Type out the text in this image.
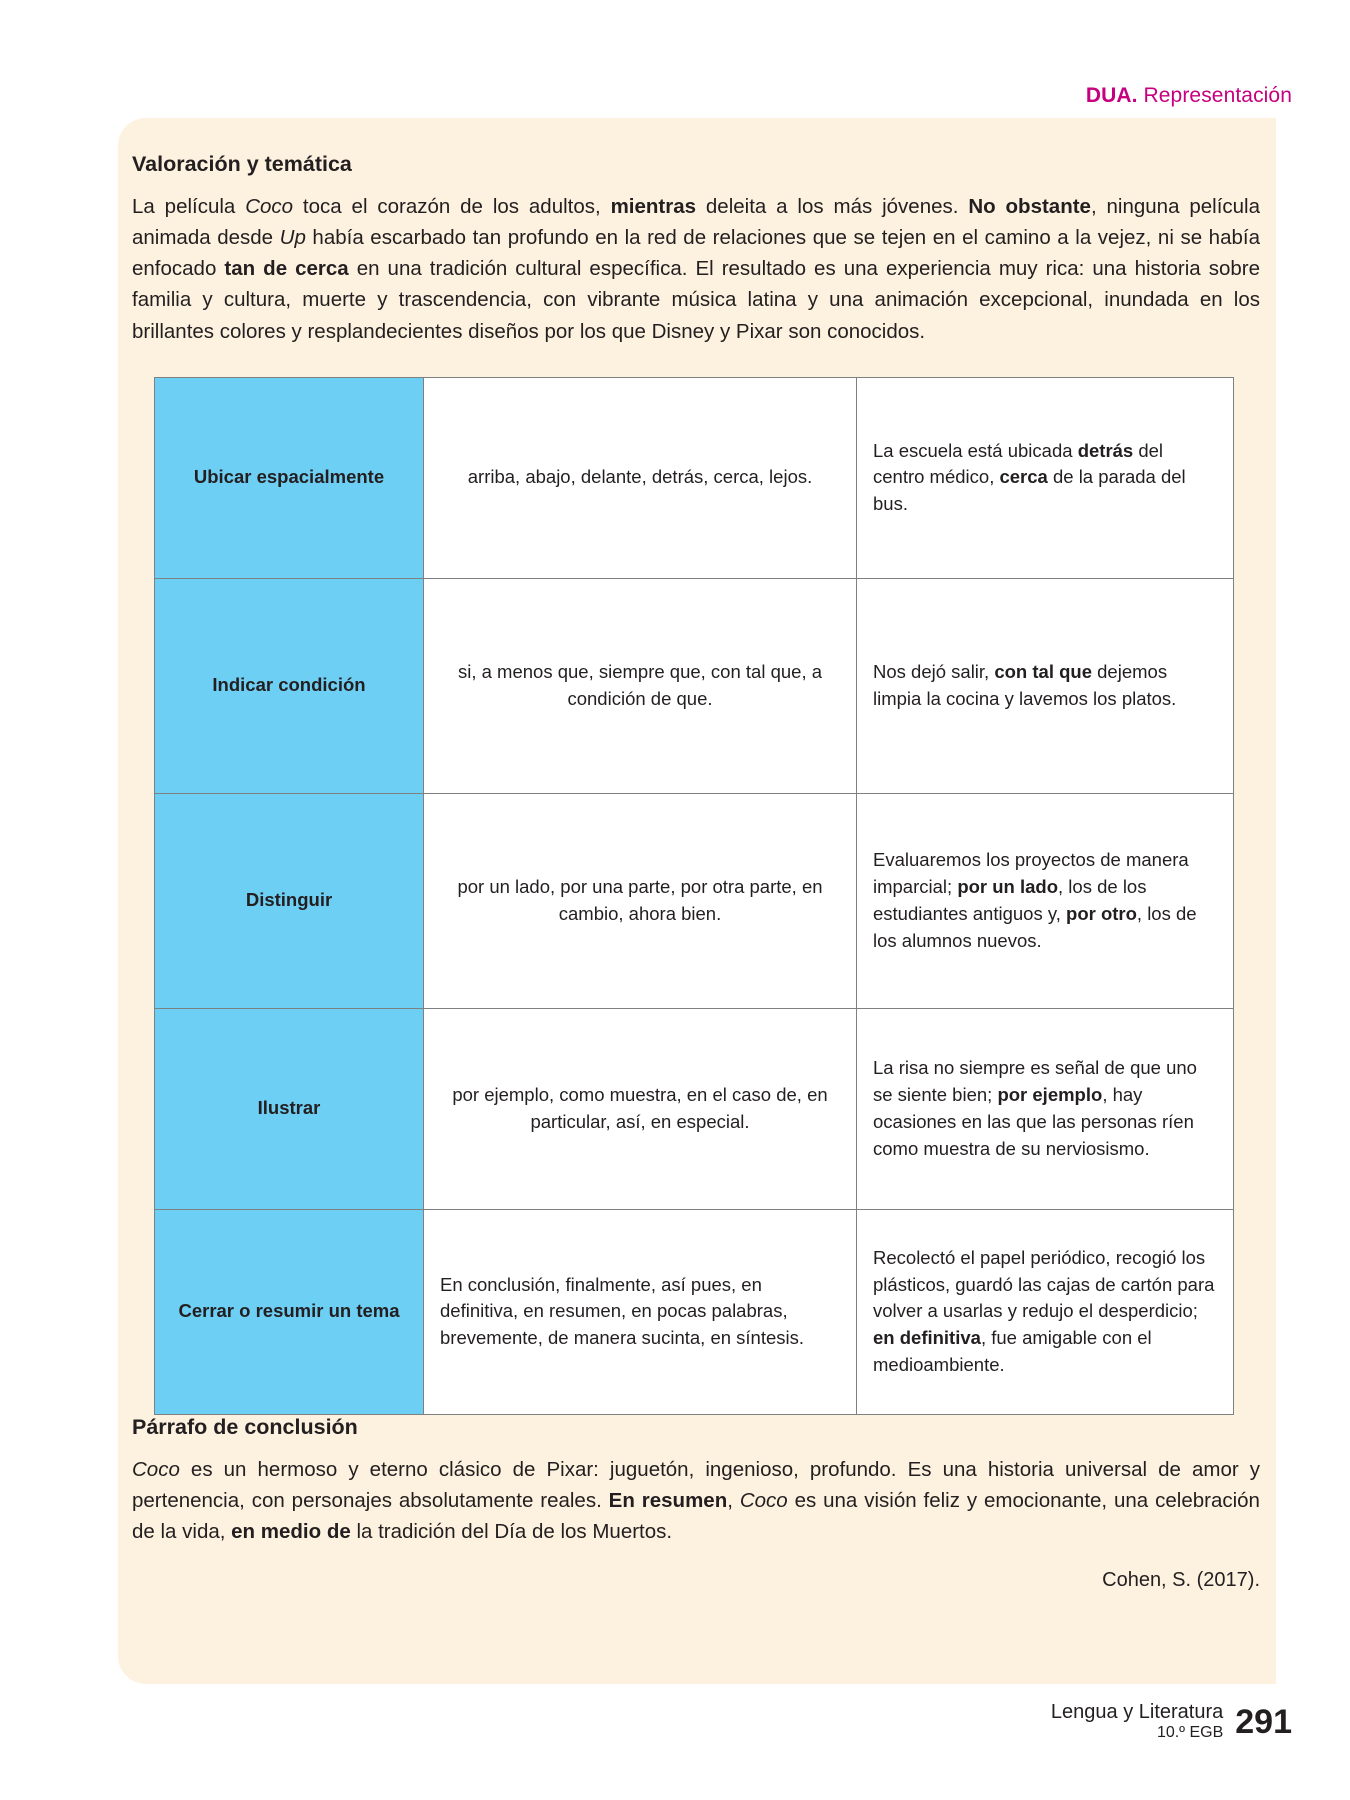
DUA. Representación
Valoración y temática

La película Coco toca el corazón de los adultos, mientras deleita a los más jóvenes. No obstante, ninguna película animada desde Up había escarbado tan profundo en la red de relaciones que se tejen en el camino a la vejez, ni se había enfocado tan de cerca en una tradición cultural específica. El resultado es una experiencia muy rica: una historia sobre familia y cultura, muerte y trascendencia, con vibrante música latina y una animación excepcional, inundada en los brillantes colores y resplandecientes diseños por los que Disney y Pixar son conocidos.

Ubicar espacialmente	arriba, abajo, delante, detrás, cerca, lejos.	La escuela está ubicada detrás del centro médico, cerca de la parada del bus.
Indicar condición	si, a menos que, siempre que, con tal que, a condición de que.	Nos dejó salir, con tal que dejemos limpia la cocina y lavemos los platos.
Distinguir	por un lado, por una parte, por otra parte, en cambio, ahora bien.	Evaluaremos los proyectos de manera imparcial; por un lado, los de los estudiantes antiguos y, por otro, los de los alumnos nuevos.
Ilustrar	por ejemplo, como muestra, en el caso de, en particular, así, en especial.	La risa no siempre es señal de que uno se siente bien; por ejemplo, hay ocasiones en las que las personas ríen como muestra de su nerviosismo.
Cerrar o resumir un tema	En conclusión, finalmente, así pues, en definitiva, en resumen, en pocas palabras, brevemente, de manera sucinta, en síntesis.	Recolectó el papel periódico, recogió los plásticos, guardó las cajas de cartón para volver a usarlas y redujo el desperdicio; en definitiva, fue amigable con el medioambiente.
Párrafo de conclusión

Coco es un hermoso y eterno clásico de Pixar: juguetón, ingenioso, profundo. Es una historia universal de amor y pertenencia, con personajes absolutamente reales. En resumen, Coco es una visión feliz y emocionante, una celebración de la vida, en medio de la tradición del Día de los Muertos.

Cohen, S. (2017).
Lengua y Literatura
10.º EGB 291
